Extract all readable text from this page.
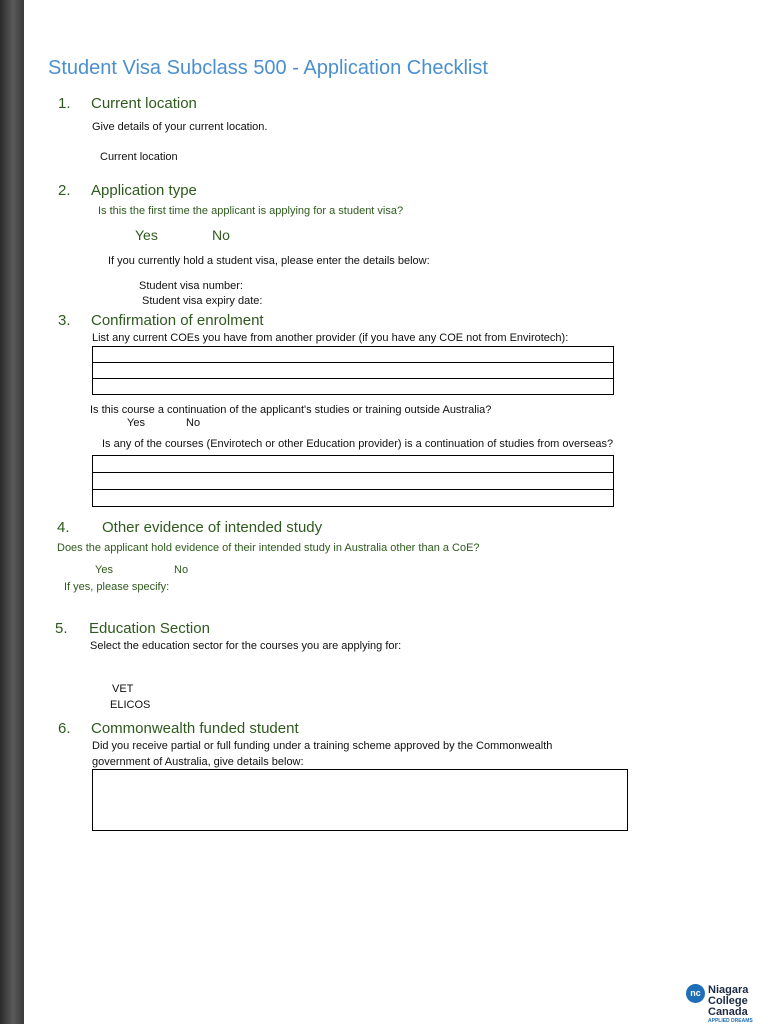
Student Visa Subclass 500 - Application Checklist
1. Current location
Give details of your current location.
Current location
2. Application type
Is this the first time the applicant is applying for a student visa?
Yes	No
If you currently hold a student visa, please enter the details below:
Student visa number:
Student visa expiry date:
3. Confirmation of enrolment
List any current COEs you have from another provider (if you have any COE not from Envirotech):

Is this course a continuation of the applicant's studies or training outside Australia?
Yes	No
Is any of the courses (Envirotech or other Education provider) is a continuation of studies from overseas?

4. Other evidence of intended study
Does the applicant hold evidence of their intended study in Australia other than a CoE?
Yes	No
If yes, please specify:
5. Education Section
Select the education sector for the courses you are applying for:
VET
ELICOS
6. Commonwealth funded student
Did you receive partial or full funding under a training scheme approved by the Commonwealth
government of Australia, give details below:
nc Niagara
College
Canada
APPLIED DREAMS
